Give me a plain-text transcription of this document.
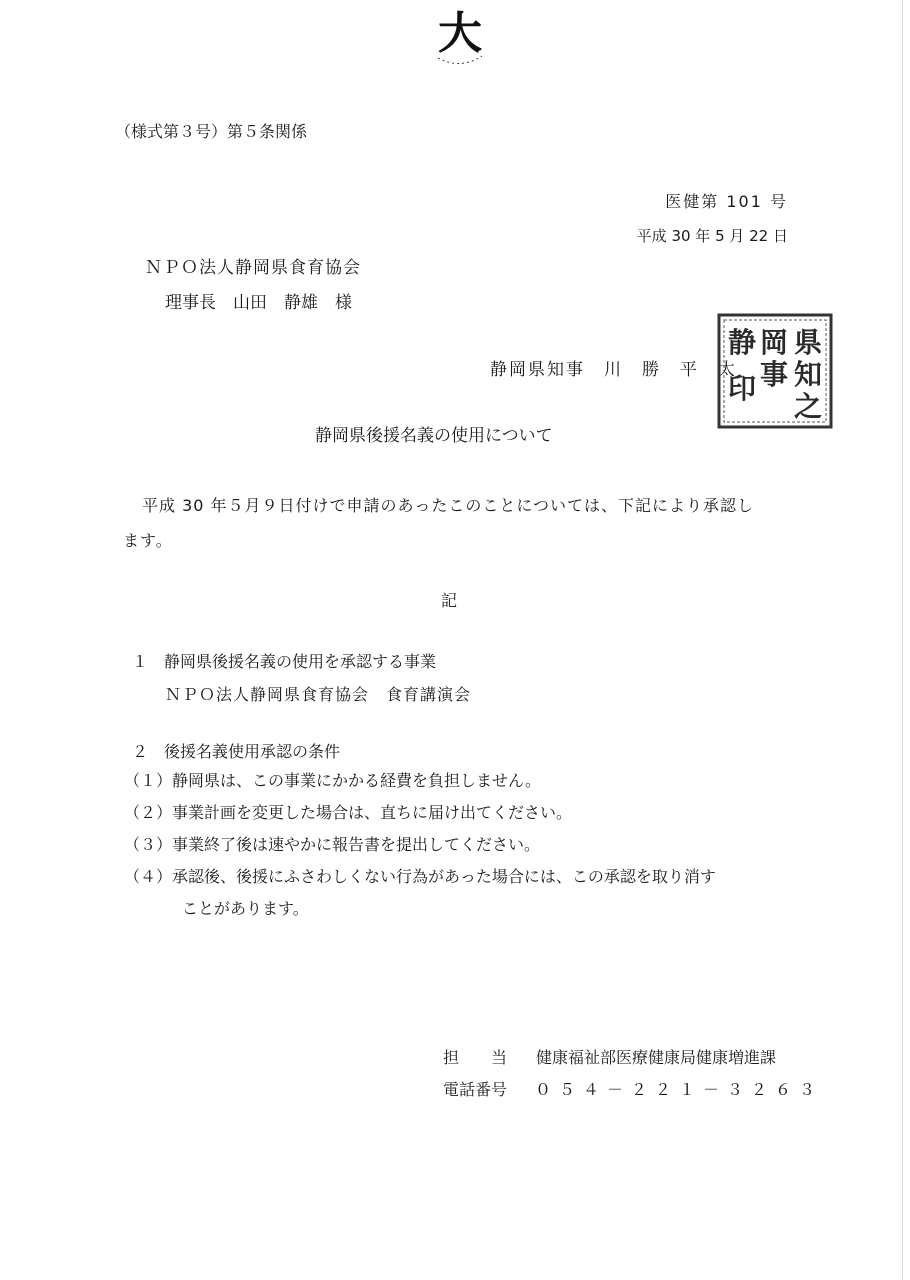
大
（様式第３号）第５条関係
医健第 101 号
平成 30 年 5 月 22 日
ＮＰＯ法人静岡県食育協会
理事長　山田　静雄　様
静岡県知事　川　勝　平　太
県
知
之
岡
事
静
印
静岡県後援名義の使用について
平成 30 年５月９日付けで申請のあったこのことについては、下記により承認し
ます。
記
１　静岡県後援名義の使用を承認する事業
ＮＰＯ法人静岡県食育協会　食育講演会
２　後援名義使用承認の条件
（１）静岡県は、この事業にかかる経費を負担しません。
（２）事業計画を変更した場合は、直ちに届け出てください。
（３）事業終了後は速やかに報告書を提出してください。
（４）承認後、後援にふさわしくない行為があった場合には、この承認を取り消す
ことがあります。
担　　当 健康福祉部医療健康局健康増進課
電話番号 ０５４－２２１－３２６３
